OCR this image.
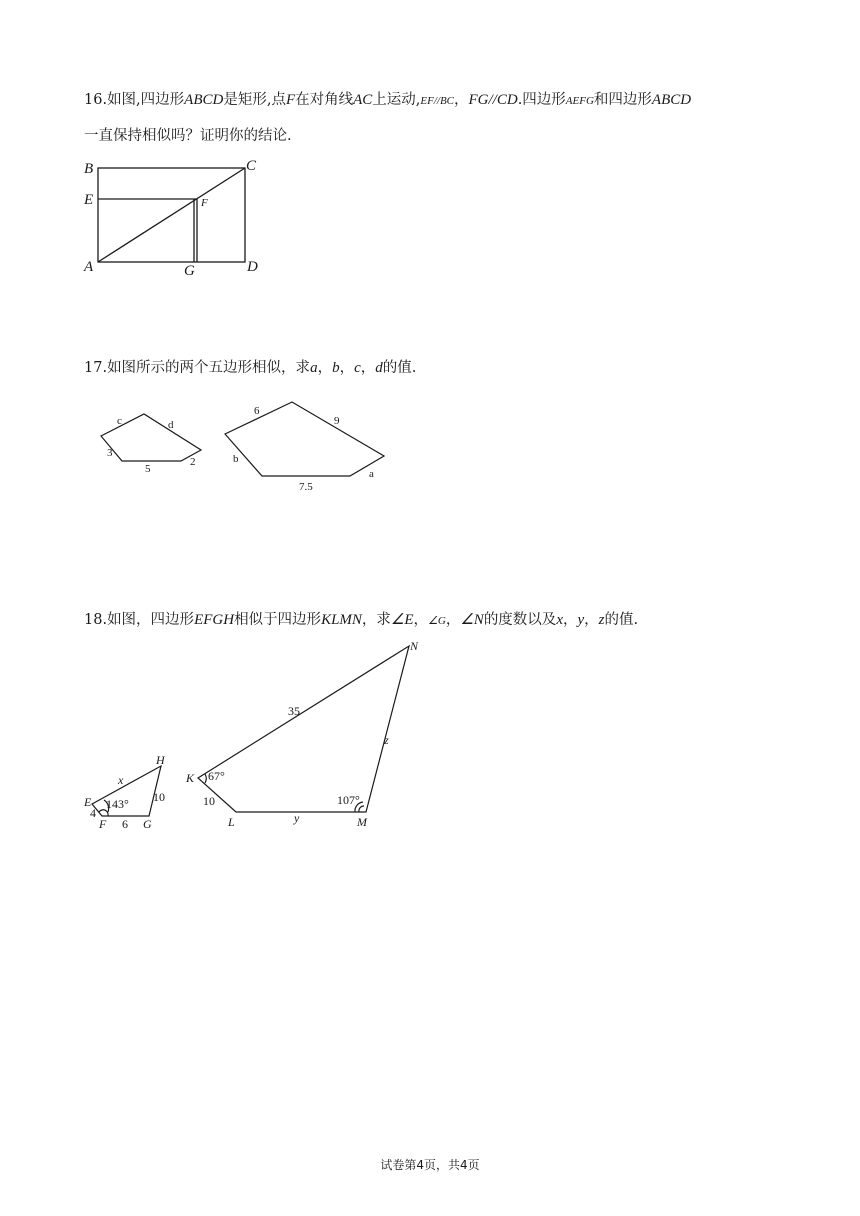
16.如图,四边形ABCD是矩形,点F在对角线AC上运动,EF//BC，FG//CD.四边形AEFG和四边形ABCD
一直保持相似吗？证明你的结论.
B	C
E	F
A	G	D
17.如图所示的两个五边形相似，求a，b，c，d的值.
c	d
3
5
2
6
9
b
7.5
a
18.如图，四边形EFGH相似于四边形KLMN，求∠E，∠G，∠N的度数以及x，y，z的值.
H
x
E 143°
4
10
F 6 G
N
35
z
K 67°
10	107°
L	y	M
试卷第4页，共4页
